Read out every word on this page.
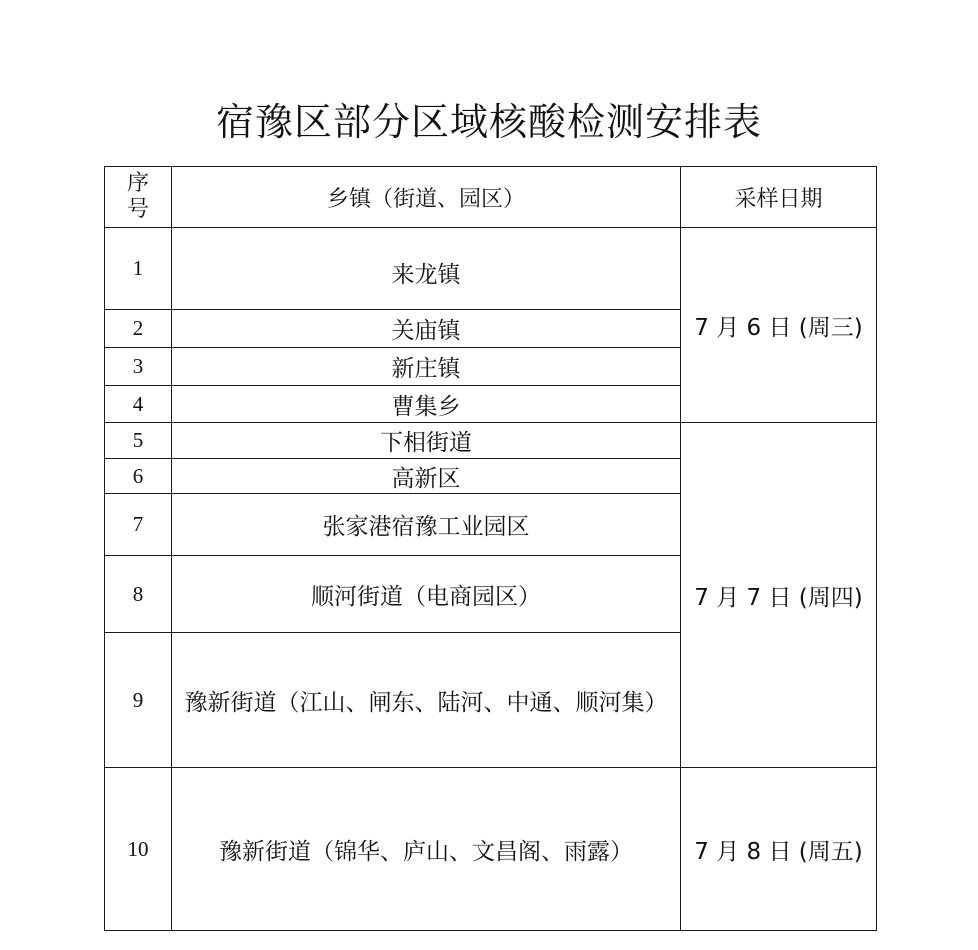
宿豫区部分区域核酸检测安排表
序号	乡镇（街道、园区）	采样日期

1	来龙镇	7 月 6 日 (周三)
2	关庙镇	
3	新庄镇	
4	曹集乡	
5	下相街道	7 月 7 日 (周四)
6	高新区	
7	张家港宿豫工业园区	
8	顺河街道（电商园区）	
9	豫新街道（江山、闸东、陆河、中通、顺河集）	
10	豫新街道（锦华、庐山、文昌阁、雨露）	7 月 8 日 (周五)
